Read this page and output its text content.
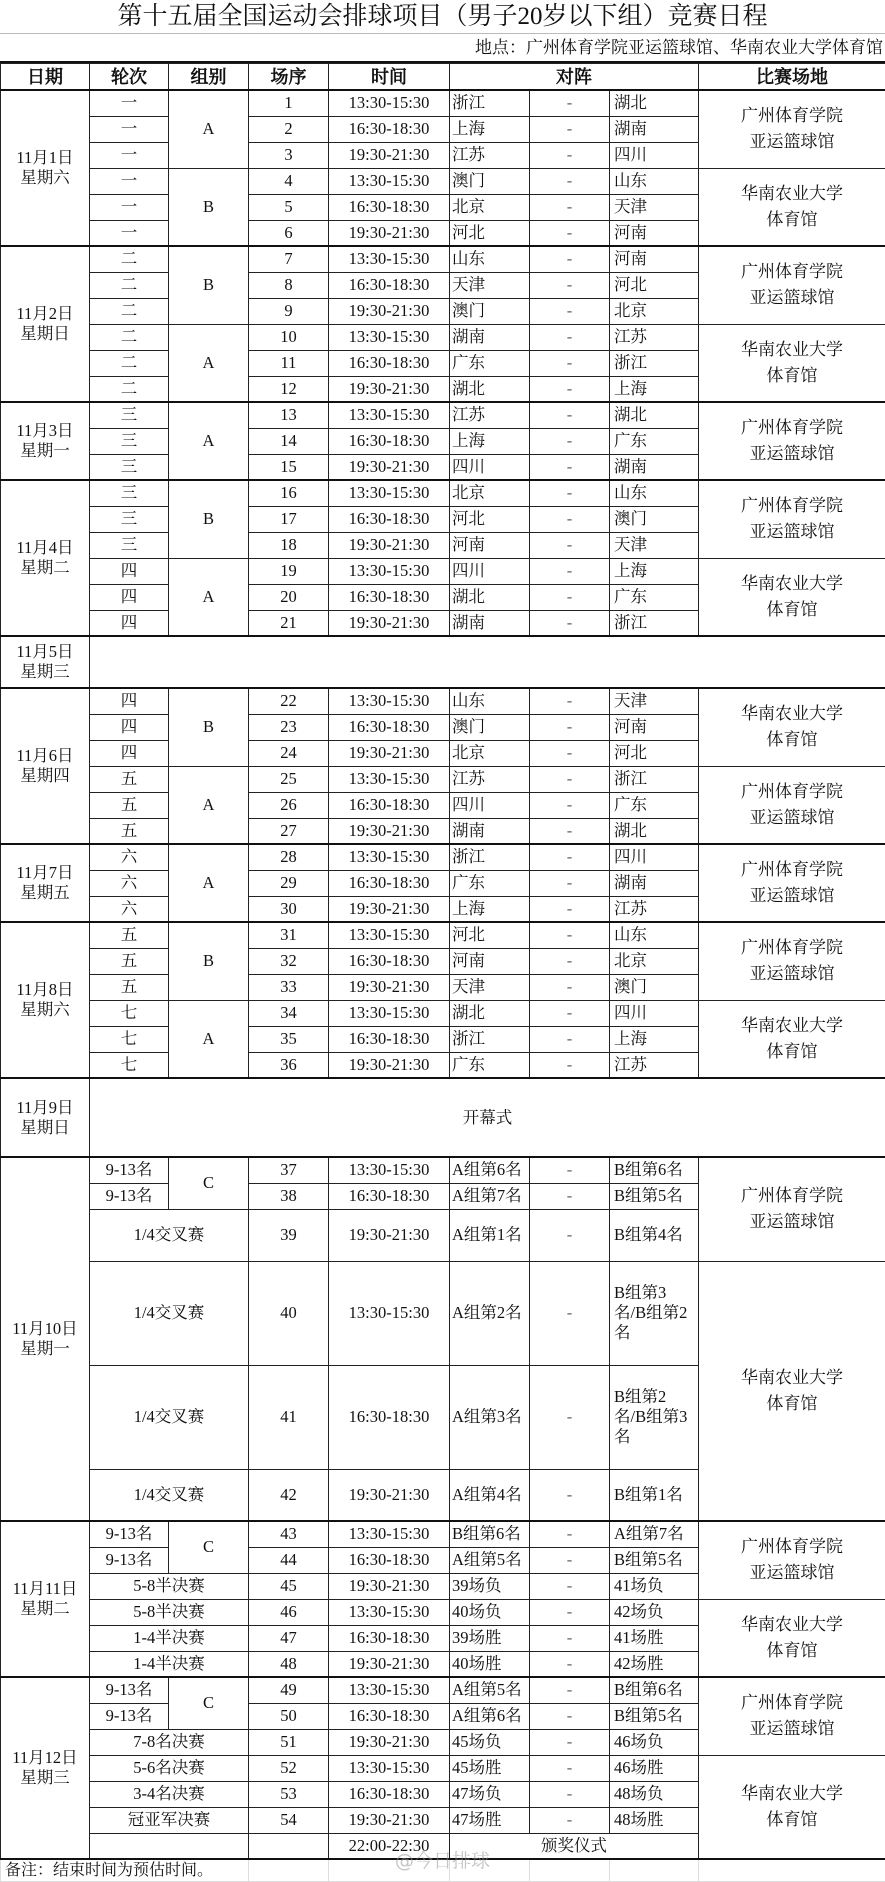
第十五届全国运动会排球项目（男子20岁以下组）竞赛日程
地点：广州体育学院亚运篮球馆、华南农业大学体育馆
日期	轮次	组别	场序	时间	对阵			比赛场地
11月1日
星期六	一	A	1	13:30-15:30	浙江	-	湖北	广州体育学院
亚运篮球馆
	一		2	16:30-18:30	上海	-	湖南	
	一		3	19:30-21:30	江苏	-	四川	
	一	B	4	13:30-15:30	澳门	-	山东	华南农业大学
体育馆
	一		5	16:30-18:30	北京	-	天津	
	一		6	19:30-21:30	河北	-	河南	
11月2日
星期日	二	B	7	13:30-15:30	山东	-	河南	广州体育学院
亚运篮球馆
	二		8	16:30-18:30	天津	-	河北	
	二		9	19:30-21:30	澳门	-	北京	
	二	A	10	13:30-15:30	湖南	-	江苏	华南农业大学
体育馆
	二		11	16:30-18:30	广东	-	浙江	
	二		12	19:30-21:30	湖北	-	上海	
11月3日
星期一	三	A	13	13:30-15:30	江苏	-	湖北	广州体育学院
亚运篮球馆
	三		14	16:30-18:30	上海	-	广东	
	三		15	19:30-21:30	四川	-	湖南	
11月4日
星期二	三	B	16	13:30-15:30	北京	-	山东	广州体育学院
亚运篮球馆
	三		17	16:30-18:30	河北	-	澳门	
	三		18	19:30-21:30	河南	-	天津	
	四	A	19	13:30-15:30	四川	-	上海	华南农业大学
体育馆
	四		20	16:30-18:30	湖北	-	广东	
	四		21	19:30-21:30	湖南	-	浙江	
11月5日
星期三								
11月6日
星期四	四	B	22	13:30-15:30	山东	-	天津	华南农业大学
体育馆
	四		23	16:30-18:30	澳门	-	河南	
	四		24	19:30-21:30	北京	-	河北	
	五	A	25	13:30-15:30	江苏	-	浙江	广州体育学院
亚运篮球馆
	五		26	16:30-18:30	四川	-	广东	
	五		27	19:30-21:30	湖南	-	湖北	
11月7日
星期五	六	A	28	13:30-15:30	浙江	-	四川	广州体育学院
亚运篮球馆
	六		29	16:30-18:30	广东	-	湖南	
	六		30	19:30-21:30	上海	-	江苏	
11月8日
星期六	五	B	31	13:30-15:30	河北	-	山东	广州体育学院
亚运篮球馆
	五		32	16:30-18:30	河南	-	北京	
	五		33	19:30-21:30	天津	-	澳门	
	七	A	34	13:30-15:30	湖北	-	四川	华南农业大学
体育馆
	七		35	16:30-18:30	浙江	-	上海	
	七		36	19:30-21:30	广东	-	江苏	
11月9日
星期日	开幕式							
11月10日
星期一	9-13名	C	37	13:30-15:30	A组第6名	-	B组第6名	广州体育学院
亚运篮球馆
	9-13名		38	16:30-18:30	A组第7名	-	B组第5名	
	1/4交叉赛		39	19:30-21:30	A组第1名	-	B组第4名	
	1/4交叉赛		40	13:30-15:30	A组第2名	-	B组第3名/B组第2名	华南农业大学
体育馆
	1/4交叉赛		41	16:30-18:30	A组第3名	-	B组第2名/B组第3名	
	1/4交叉赛		42	19:30-21:30	A组第4名	-	B组第1名	
11月11日
星期二	9-13名	C	43	13:30-15:30	B组第6名	-	A组第7名	广州体育学院
亚运篮球馆
	9-13名		44	16:30-18:30	A组第5名	-	B组第5名	
	5-8半决赛		45	19:30-21:30	39场负	-	41场负	
	5-8半决赛		46	13:30-15:30	40场负	-	42场负	华南农业大学
体育馆
	1-4半决赛		47	16:30-18:30	39场胜	-	41场胜	
	1-4半决赛		48	19:30-21:30	40场胜	-	42场胜	
11月12日
星期三	9-13名	C	49	13:30-15:30	A组第5名	-	B组第6名	广州体育学院
亚运篮球馆
	9-13名		50	16:30-18:30	A组第6名	-	B组第5名	
	7-8名决赛		51	19:30-21:30	45场负	-	46场负	
	5-6名决赛		52	13:30-15:30	45场胜	-	46场胜	华南农业大学
体育馆
	3-4名决赛		53	16:30-18:30	47场负	-	48场负	
	冠亚军决赛		54	19:30-21:30	47场胜	-	48场胜	
				22:00-22:30	颁奖仪式			
备注：结束时间为预估时间。									@今日排球
